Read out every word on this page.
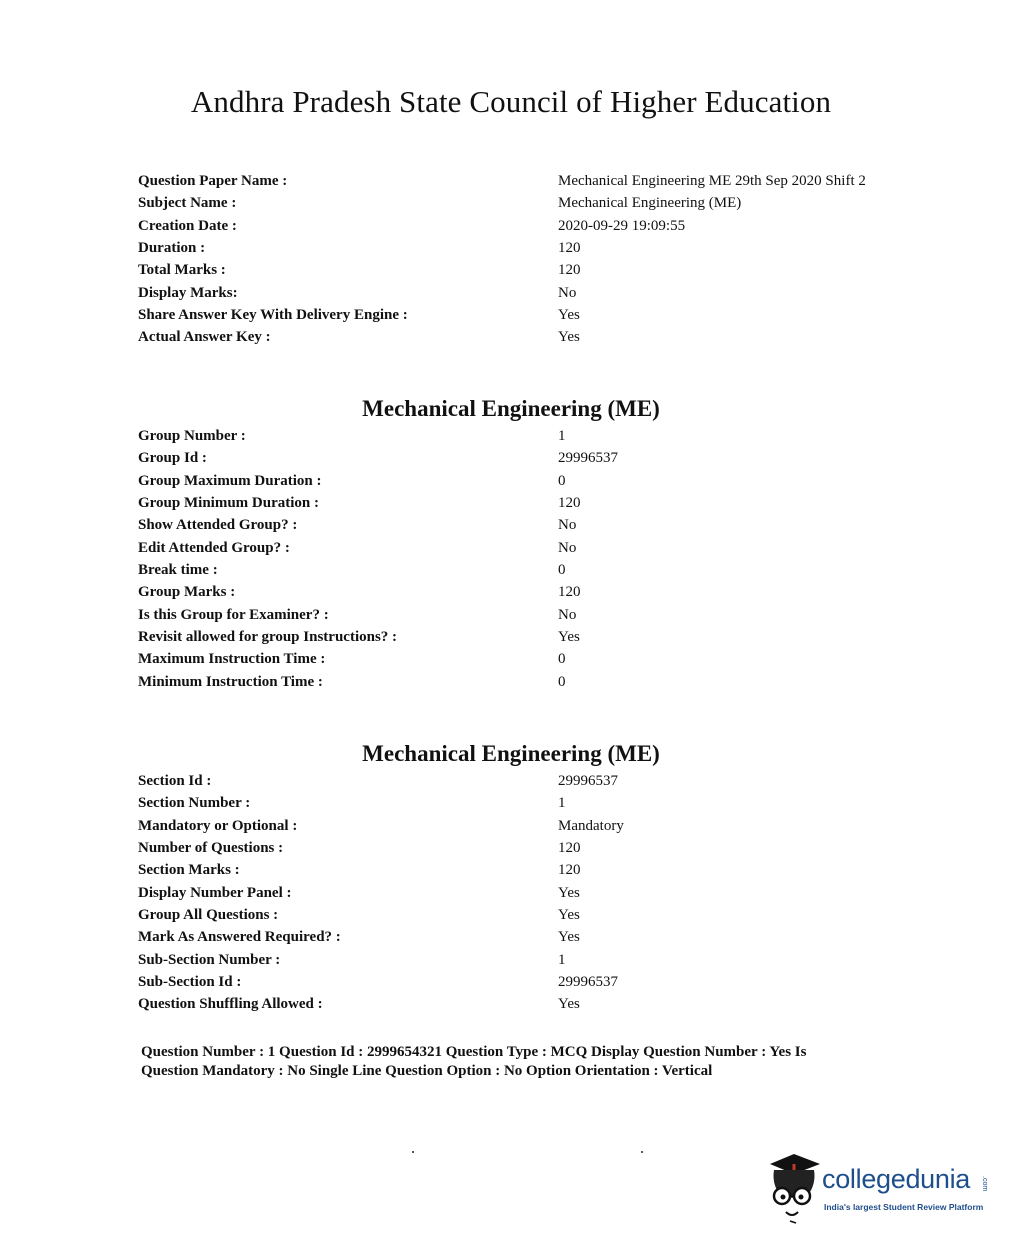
Andhra Pradesh State Council of Higher Education
Question Paper Name :	Mechanical Engineering ME 29th Sep 2020 Shift 2
Subject Name :	Mechanical Engineering (ME)
Creation Date :	2020-09-29 19:09:55
Duration :	120
Total Marks :	120
Display Marks:	No
Share Answer Key With Delivery Engine :	Yes
Actual Answer Key :	Yes
Mechanical Engineering (ME)
Group Number :	1
Group Id :	29996537
Group Maximum Duration :	0
Group Minimum Duration :	120
Show Attended Group? :	No
Edit Attended Group? :	No
Break time :	0
Group Marks :	120
Is this Group for Examiner? :	No
Revisit allowed for group Instructions? :	Yes
Maximum Instruction Time :	0
Minimum Instruction Time :	0
Mechanical Engineering (ME)
Section Id :	29996537
Section Number :	1
Mandatory or Optional :	Mandatory
Number of Questions :	120
Section Marks :	120
Display Number Panel :	Yes
Group All Questions :	Yes
Mark As Answered Required? :	Yes
Sub-Section Number :	1
Sub-Section Id :	29996537
Question Shuffling Allowed :	Yes
Question Number : 1 Question Id : 2999654321 Question Type : MCQ Display Question Number : Yes Is
Question Mandatory : No Single Line Question Option : No Option Orientation : Vertical
collegedunia .com
India's largest Student Review Platform
